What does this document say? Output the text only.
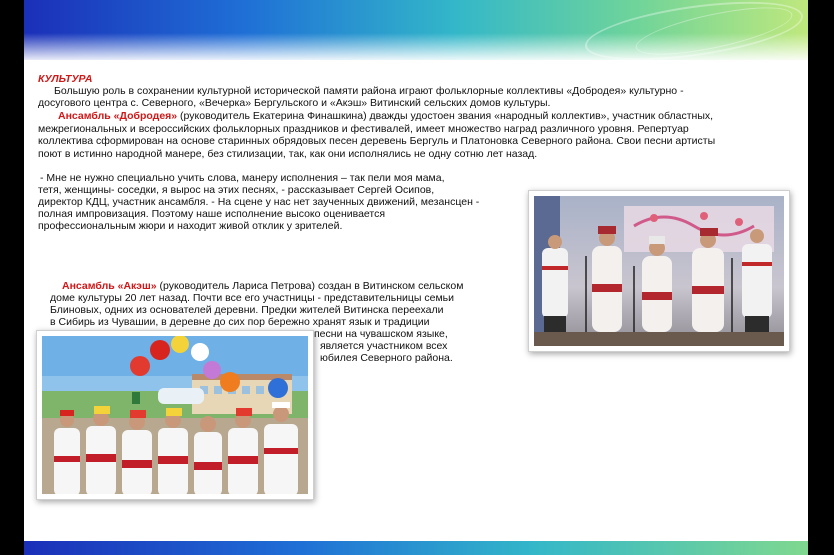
КУЛЬТУРА
Большую роль в сохранении культурной исторической памяти района играют фольклорные коллективы «Добродея» культурно -
досугового центра с. Северного, «Вечерка» Бергульского и «Акэш» Витинский сельских домов культуры.
Ансамбль «Добродея» (руководитель Екатерина Финашкина) дважды удостоен звания «народный коллектив», участник областных,
межрегиональных и всероссийских фольклорных праздников и фестивалей, имеет множество наград различного уровня. Репертуар
коллектива сформирован на основе старинных обрядовых песен деревень Бергуль и Платоновка Северного района. Свои песни артисты
поют в истинно народной манере, без стилизации, так, как они исполнялись не одну сотню лет назад.
- Мне не нужно специально учить слова, манеру исполнения – так пели моя мама,
тетя, женщины- соседки, я вырос на этих песнях, - рассказывает Сергей Осипов,
директор КДЦ, участник ансамбля. - На сцене у нас нет заученных движений, мезансцен -
полная импровизация. Поэтому наше исполнение высоко оценивается
профессиональным жюри и находит живой отклик у зрителей.
Ансамбль «Акэш» (руководитель Лариса Петрова) создан в Витинском сельском
доме культуры 20 лет назад. Почти все его участницы - представительницы семьи
Блиновых, одних из основателей деревни. Предки жителей Витинска переехали
в Сибирь из Чувашии, в деревне до сих пор бережно хранят язык и традиции
песни на чувашском языке,
является участником всех
юбилея Северного района.
